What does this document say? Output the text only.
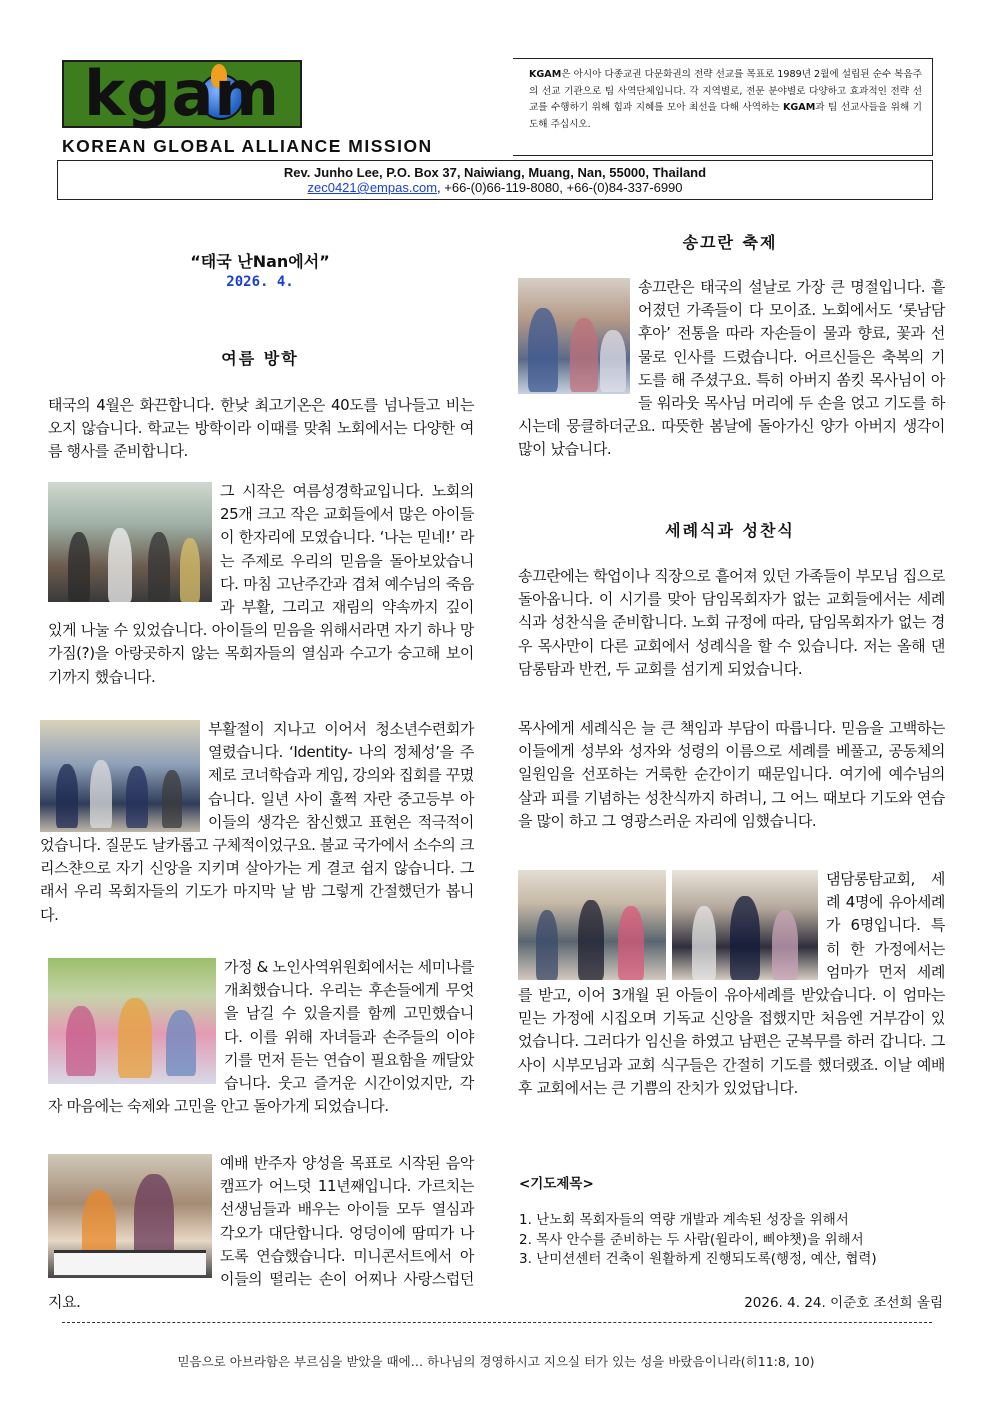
kgam
KOREAN GLOBAL ALLIANCE MISSION
KGAM은 아시아 다종교권 다문화권의 전략 선교를 목표로 1989년 2월에 설립된 순수 복음주의 선교 기관으로 팀 사역단체입니다. 각 지역별로, 전문 분야별로 다양하고 효과적인 전략 선교를 수행하기 위해 힘과 지혜를 모아 최선을 다해 사역하는 KGAM과 팀 선교사들을 위해 기도해 주십시오.
Rev. Junho Lee, P.O. Box 37, Naiwiang, Muang, Nan, 55000, Thailand
zec0421@empas.com, +66-(0)66-119-8080, +66-(0)84-337-6990
“태국 난Nan에서”
2026. 4.
여름 방학
태국의 4월은 화끈합니다. 한낮 최고기온은 40도를 넘나들고 비는 오지 않습니다. 학교는 방학이라 이때를 맞춰 노회에서는 다양한 여름 행사를 준비합니다.

그 시작은 여름성경학교입니다. 노회의 25개 크고 작은 교회들에서 많은 아이들이 한자리에 모였습니다. ‘나는 믿네!’ 라는 주제로 우리의 믿음을 돌아보았습니다. 마침 고난주간과 겹쳐 예수님의 죽음과 부활, 그리고 재림의 약속까지 깊이 있게 나눌 수 있었습니다. 아이들의 믿음을 위해서라면 자기 하나 망가짐(?)을 아랑곳하지 않는 목회자들의 열심과 수고가 숭고해 보이기까지 했습니다.

부활절이 지나고 이어서 청소년수련회가 열렸습니다. ‘Identity- 나의 정체성’을 주제로 코너학습과 게임, 강의와 집회를 꾸몄습니다. 일년 사이 훌쩍 자란 중고등부 아이들의 생각은 참신했고 표현은 적극적이었습니다. 질문도 날카롭고 구체적이었구요. 불교 국가에서 소수의 크리스챤으로 자기 신앙을 지키며 살아가는 게 결코 쉽지 않습니다. 그래서 우리 목회자들의 기도가 마지막 날 밤 그렇게 간절했던가 봅니다.

가정 & 노인사역위원회에서는 세미나를 개최했습니다. 우리는 후손들에게 무엇을 남길 수 있을지를 함께 고민했습니다. 이를 위해 자녀들과 손주들의 이야기를 먼저 듣는 연습이 필요함을 깨달았습니다. 웃고 즐거운 시간이었지만, 각자 마음에는 숙제와 고민을 안고 돌아가게 되었습니다.

예배 반주자 양성을 목표로 시작된 음악캠프가 어느덧 11년째입니다. 가르치는 선생님들과 배우는 아이들 모두 열심과 각오가 대단합니다. 엉덩이에 땀띠가 나도록 연습했습니다. 미니콘서트에서 아이들의 떨리는 손이 어찌나 사랑스럽던지요.

송끄란 축제

송끄란은 태국의 설날로 가장 큰 명절입니다. 흩어졌던 가족들이 다 모이죠. 노회에서도 ‘롯남담후아’ 전통을 따라 자손들이 물과 향료, 꽃과 선물로 인사를 드렸습니다. 어르신들은 축복의 기도를 해 주셨구요. 특히 아버지 쏨킷 목사님이 아들 워라웃 목사님 머리에 두 손을 얹고 기도를 하시는데 뭉클하더군요. 따뜻한 봄날에 돌아가신 양가 아버지 생각이 많이 났습니다.

세례식과 성찬식
송끄란에는 학업이나 직장으로 흩어져 있던 가족들이 부모님 집으로 돌아옵니다. 이 시기를 맞아 담임목회자가 없는 교회들에서는 세례식과 성찬식을 준비합니다. 노회 규정에 따라, 담임목회자가 없는 경우 목사만이 다른 교회에서 성례식을 할 수 있습니다. 저는 올해 댄담롱탐과 반컨, 두 교회를 섬기게 되었습니다.
목사에게 세례식은 늘 큰 책임과 부담이 따릅니다. 믿음을 고백하는 이들에게 성부와 성자와 성령의 이름으로 세례를 베풀고, 공동체의 일원임을 선포하는 거룩한 순간이기 때문입니다. 여기에 예수님의 살과 피를 기념하는 성찬식까지 하려니, 그 어느 때보다 기도와 연습을 많이 하고 그 영광스러운 자리에 임했습니다.

댐담롱탐교회, 세례 4명에 유아세례가 6명입니다. 특히 한 가정에서는 엄마가 먼저 세례를 받고, 이어 3개월 된 아들이 유아세례를 받았습니다. 이 엄마는 믿는 가정에 시집오며 기독교 신앙을 접했지만 처음엔 거부감이 있었습니다. 그러다가 임신을 하였고 남편은 군복무를 하러 갑니다. 그 사이 시부모님과 교회 식구들은 간절히 기도를 했더랬죠. 이날 예배 후 교회에서는 큰 기쁨의 잔치가 있었답니다.

<기도제목>
1. 난노회 목회자들의 역량 개발과 계속된 성장을 위해서
2. 목사 안수를 준비하는 두 사람(윌라이, 삐야챗)을 위해서
3. 난미션센터 건축이 원활하게 진행되도록(행정, 예산, 협력)
2026. 4. 24. 이준호 조선희 올림
믿음으로 아브라함은 부르심을 받았을 때에… 하나님의 경영하시고 지으실 터가 있는 성을 바랐음이니라(히11:8, 10)
